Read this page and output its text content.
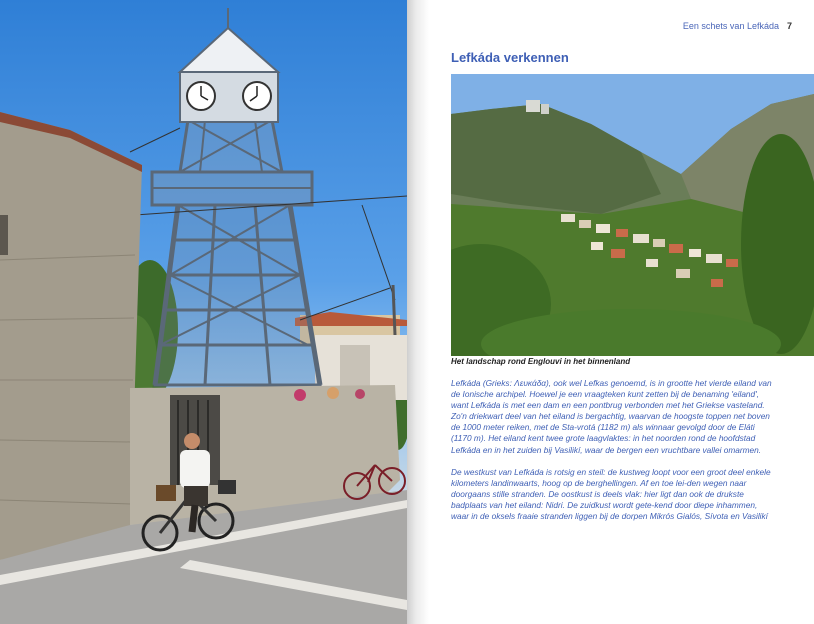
Een schets van Lefkáda 7
Lefkáda verkennen
Het landschap rond Englouvi in het binnenland

Lefkáda (Grieks: Λευκάδα), ook wel Lefkas genoemd, is in grootte het vierde eiland van de Ionische archipel. Hoewel je een vraagteken kunt zetten bij de benaming 'eiland', want Lefkáda is met een dam en een pontbrug verbonden met het Griekse vasteland. Zo'n driekwart deel van het eiland is bergachtig, waarvan de hoogste toppen net boven de 1000 meter reiken, met de Sta-vrotá (1182 m) als winnaar gevolgd door de Eláti (1170 m). Het eiland kent twee grote laagvlaktes: in het noorden rond de hoofdstad Lefkáda en in het zuiden bij Vasilikí, waar de bergen een vruchtbare vallei omarmen.

De westkust van Lefkáda is rotsig en steil: de kustweg loopt voor een groot deel enkele kilometers landinwaarts, hoog op de berghellingen. Af en toe lei-den wegen naar doorgaans stille stranden. De oostkust is deels vlak: hier ligt dan ook de drukste badplaats van het eiland: Nidri. De zuidkust wordt gete-kend door diepe inhammen, waar in de oksels fraaie stranden liggen bij de dorpen Mikrós Gialós, Sívota en Vasilikí
